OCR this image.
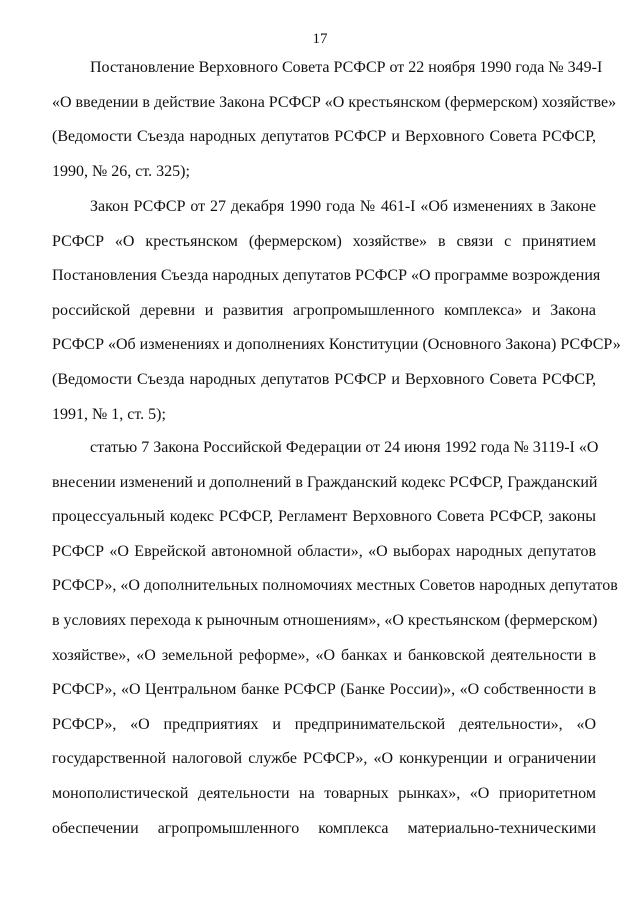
17
Постановление Верховного Совета РСФСР от 22 ноября 1990 года № 349-I
«О введении в действие Закона РСФСР «О крестьянском (фермерском) хозяйстве»
(Ведомости Съезда народных депутатов РСФСР и Верховного Совета РСФСР,
1990, № 26, ст. 325);
Закон РСФСР от 27 декабря 1990 года № 461-I «Об изменениях в Законе
РСФСР «О крестьянском (фермерском) хозяйстве» в связи с принятием
Постановления Съезда народных депутатов РСФСР «О программе возрождения
российской деревни и развития агропромышленного комплекса» и Закона
РСФСР «Об изменениях и дополнениях Конституции (Основного Закона) РСФСР»
(Ведомости Съезда народных депутатов РСФСР и Верховного Совета РСФСР,
1991, № 1, ст. 5);
статью 7 Закона Российской Федерации от 24 июня 1992 года № 3119-I «О
внесении изменений и дополнений в Гражданский кодекс РСФСР, Гражданский
процессуальный кодекс РСФСР, Регламент Верховного Совета РСФСР, законы
РСФСР «О Еврейской автономной области», «О выборах народных депутатов
РСФСР», «О дополнительных полномочиях местных Советов народных депутатов
в условиях перехода к рыночным отношениям», «О крестьянском (фермерском)
хозяйстве», «О земельной реформе», «О банках и банковской деятельности в
РСФСР», «О Центральном банке РСФСР (Банке России)», «О собственности в
РСФСР», «О предприятиях и предпринимательской деятельности», «О
государственной налоговой службе РСФСР», «О конкуренции и ограничении
монополистической деятельности на товарных рынках», «О приоритетном
обеспечении агропромышленного комплекса материально-техническими
